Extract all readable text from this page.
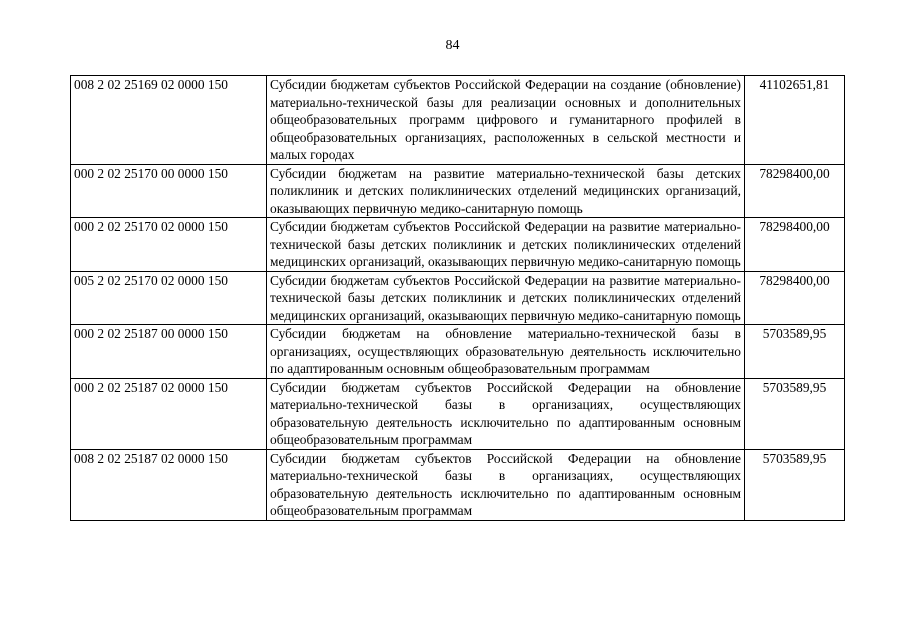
84
008 2 02 25169 02 0000 150	Субсидии бюджетам субъектов Российской Федерации на создание (обновление) материально-технической базы для реализации основных и дополнительных общеобразовательных программ цифрового и гуманитарного профилей в общеобразовательных организациях, расположенных в сельской местности и малых городах	41102651,81
000 2 02 25170 00 0000 150	Субсидии бюджетам на развитие материально-технической базы детских поликлиник и детских поликлинических отделений медицинских организаций, оказывающих первичную медико-санитарную помощь	78298400,00
000 2 02 25170 02 0000 150	Субсидии бюджетам субъектов Российской Федерации на развитие материально-технической базы детских поликлиник и детских поликлинических отделений медицинских организаций, оказывающих первичную медико-санитарную помощь	78298400,00
005 2 02 25170 02 0000 150	Субсидии бюджетам субъектов Российской Федерации на развитие материально-технической базы детских поликлиник и детских поликлинических отделений медицинских организаций, оказывающих первичную медико-санитарную помощь	78298400,00
000 2 02 25187 00 0000 150	Субсидии бюджетам на обновление материально-технической базы в организациях, осуществляющих образовательную деятельность исключительно по адаптированным основным общеобразовательным программам	5703589,95
000 2 02 25187 02 0000 150	Субсидии бюджетам субъектов Российской Федерации на обновление материально-технической базы в организациях, осуществляющих образовательную деятельность исключительно по адаптированным основным общеобразовательным программам	5703589,95
008 2 02 25187 02 0000 150	Субсидии бюджетам субъектов Российской Федерации на обновление материально-технической базы в организациях, осуществляющих образовательную деятельность исключительно по адаптированным основным общеобразовательным программам	5703589,95
